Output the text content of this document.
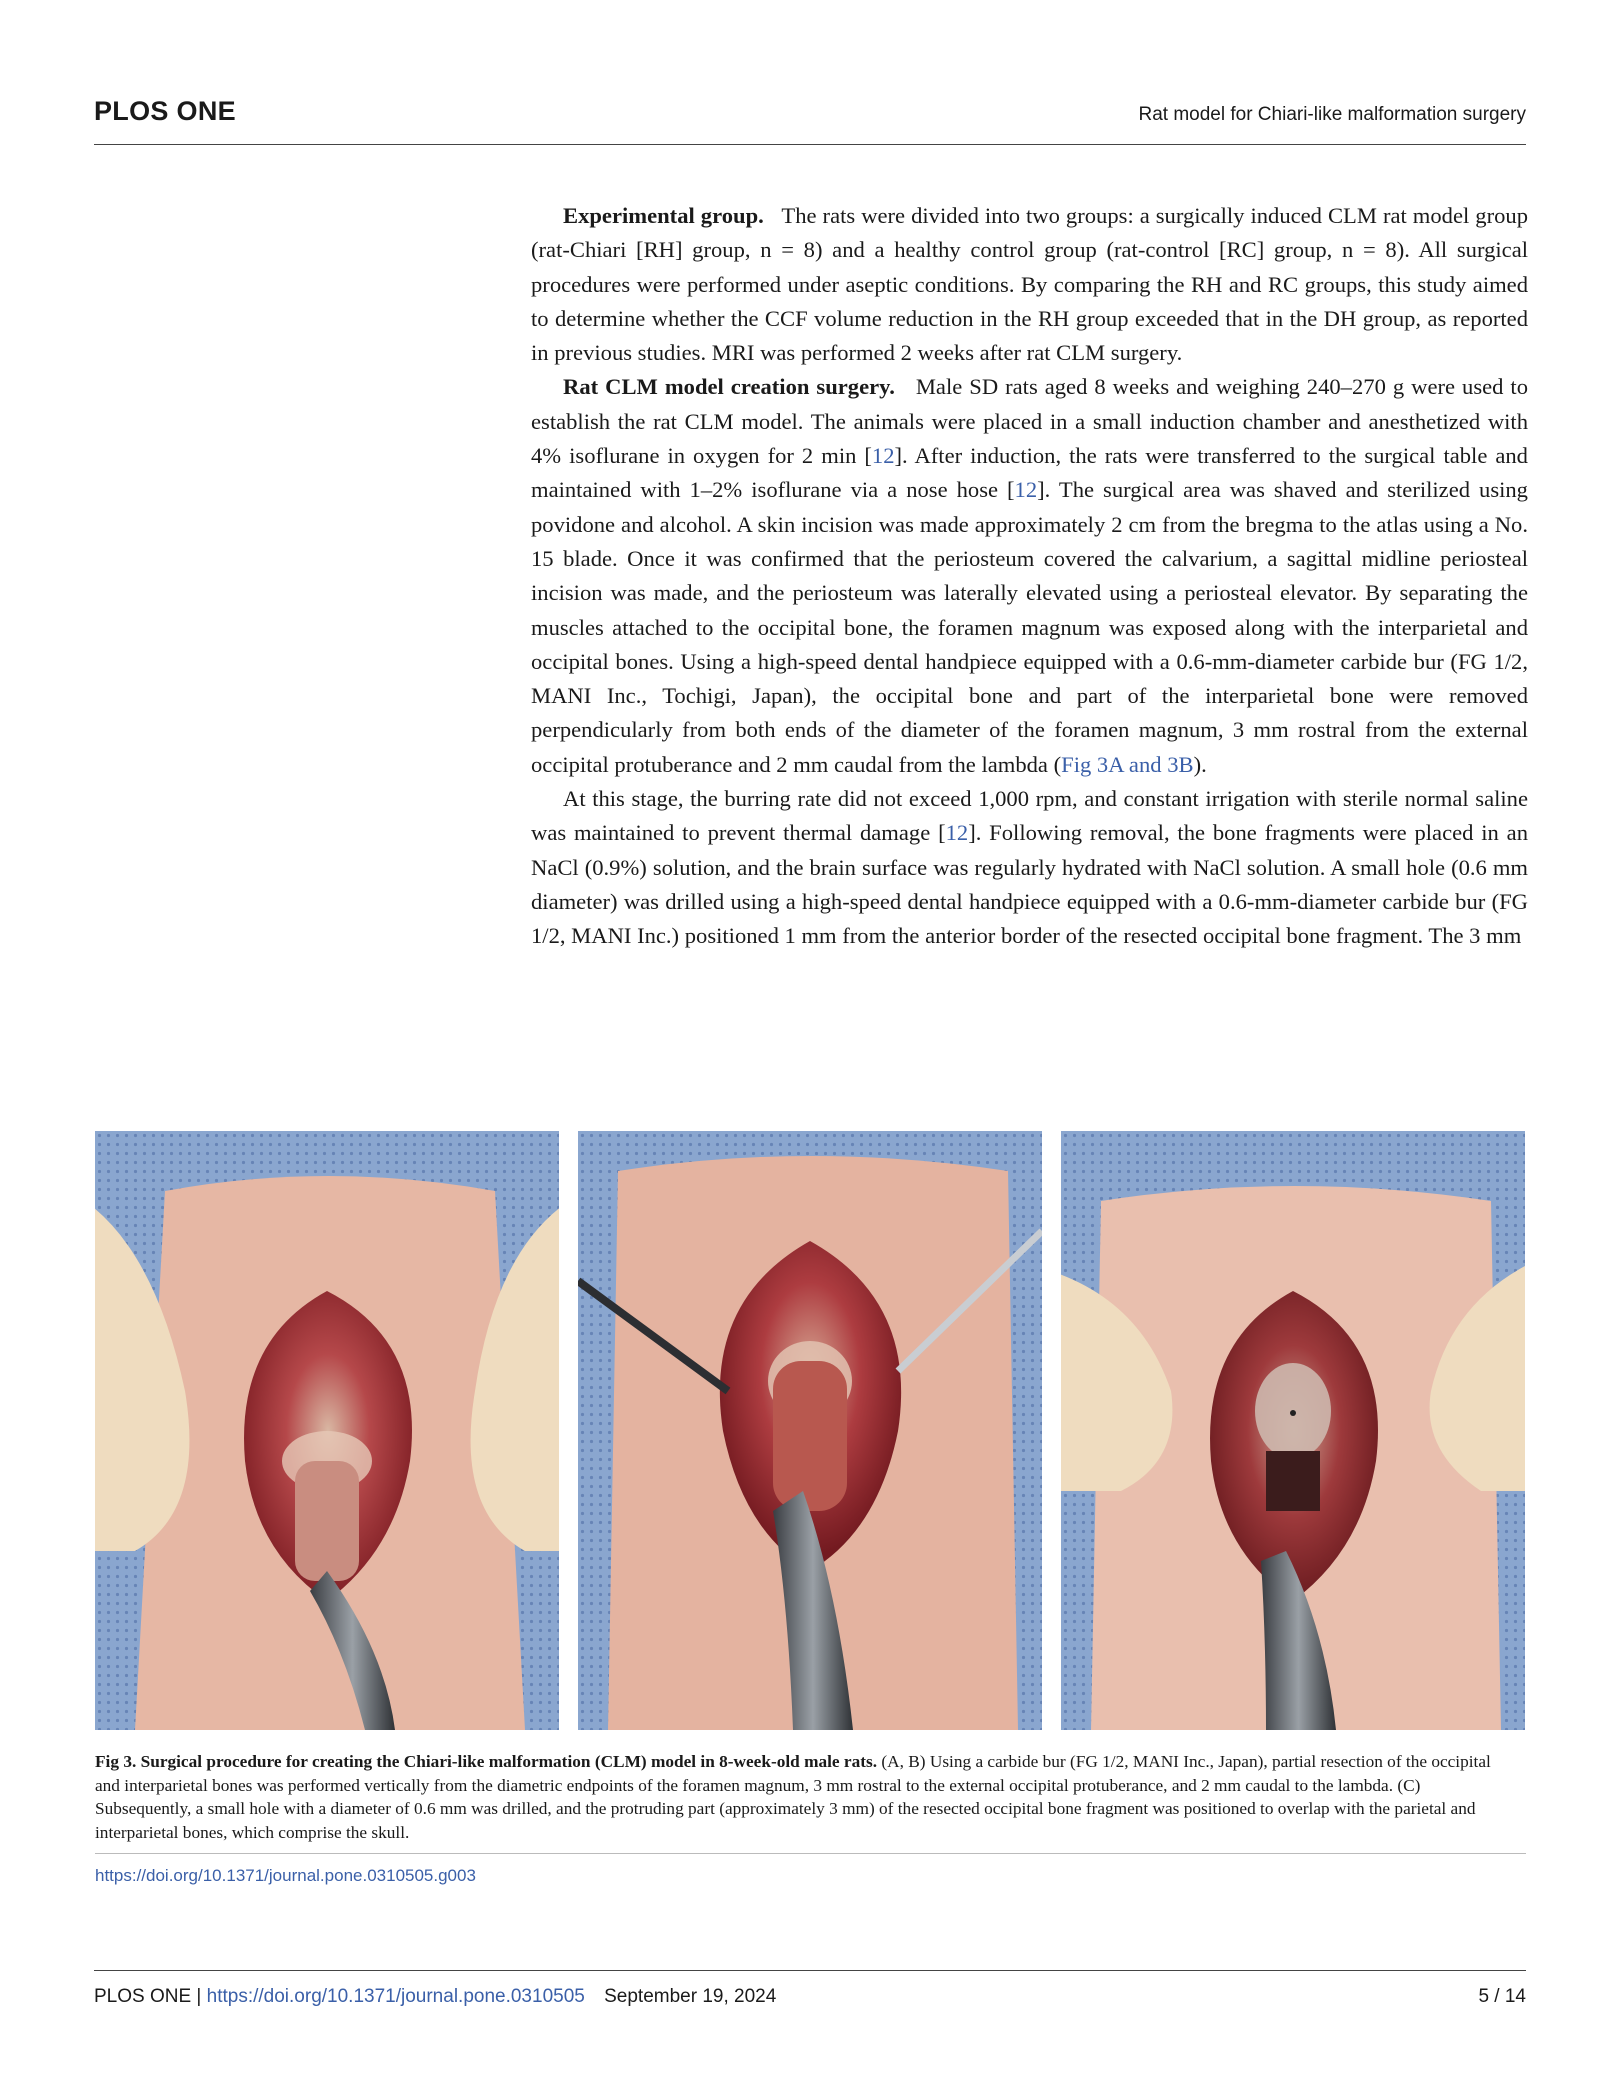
PLOS ONE	Rat model for Chiari-like malformation surgery

Experimental group. The rats were divided into two groups: a surgically induced CLM rat model group (rat-Chiari [RH] group, n = 8) and a healthy control group (rat-control [RC] group, n = 8). All surgical procedures were performed under aseptic conditions. By comparing the RH and RC groups, this study aimed to determine whether the CCF volume reduction in the RH group exceeded that in the DH group, as reported in previous studies. MRI was performed 2 weeks after rat CLM surgery.

Rat CLM model creation surgery. Male SD rats aged 8 weeks and weighing 240–270 g were used to establish the rat CLM model. The animals were placed in a small induction chamber and anesthetized with 4% isoflurane in oxygen for 2 min [12]. After induction, the rats were transferred to the surgical table and maintained with 1–2% isoflurane via a nose hose [12]. The surgical area was shaved and sterilized using povidone and alcohol. A skin incision was made approximately 2 cm from the bregma to the atlas using a No. 15 blade. Once it was confirmed that the periosteum covered the calvarium, a sagittal midline periosteal incision was made, and the periosteum was laterally elevated using a periosteal elevator. By separating the muscles attached to the occipital bone, the foramen magnum was exposed along with the interparietal and occipital bones. Using a high-speed dental handpiece equipped with a 0.6-mm-diameter carbide bur (FG 1/2, MANI Inc., Tochigi, Japan), the occipital bone and part of the interparietal bone were removed perpendicularly from both ends of the diameter of the foramen magnum, 3 mm rostral from the external occipital protuberance and 2 mm caudal from the lambda (Fig 3A and 3B).

At this stage, the burring rate did not exceed 1,000 rpm, and constant irrigation with sterile normal saline was maintained to prevent thermal damage [12]. Following removal, the bone fragments were placed in an NaCl (0.9%) solution, and the brain surface was regularly hydrated with NaCl solution. A small hole (0.6 mm diameter) was drilled using a high-speed dental handpiece equipped with a 0.6-mm-diameter carbide bur (FG 1/2, MANI Inc.) positioned 1 mm from the anterior border of the resected occipital bone fragment. The 3 mm

Fig 3. Surgical procedure for creating the Chiari-like malformation (CLM) model in 8-week-old male rats. (A, B) Using a carbide bur (FG 1/2, MANI Inc., Japan), partial resection of the occipital and interparietal bones was performed vertically from the diametric endpoints of the foramen magnum, 3 mm rostral to the external occipital protuberance, and 2 mm caudal to the lambda. (C) Subsequently, a small hole with a diameter of 0.6 mm was drilled, and the protruding part (approximately 3 mm) of the resected occipital bone fragment was positioned to overlap with the parietal and interparietal bones, which comprise the skull.
https://doi.org/10.1371/journal.pone.0310505.g003
PLOS ONE | https://doi.org/10.1371/journal.pone.0310505 September 19, 2024	5 / 14
